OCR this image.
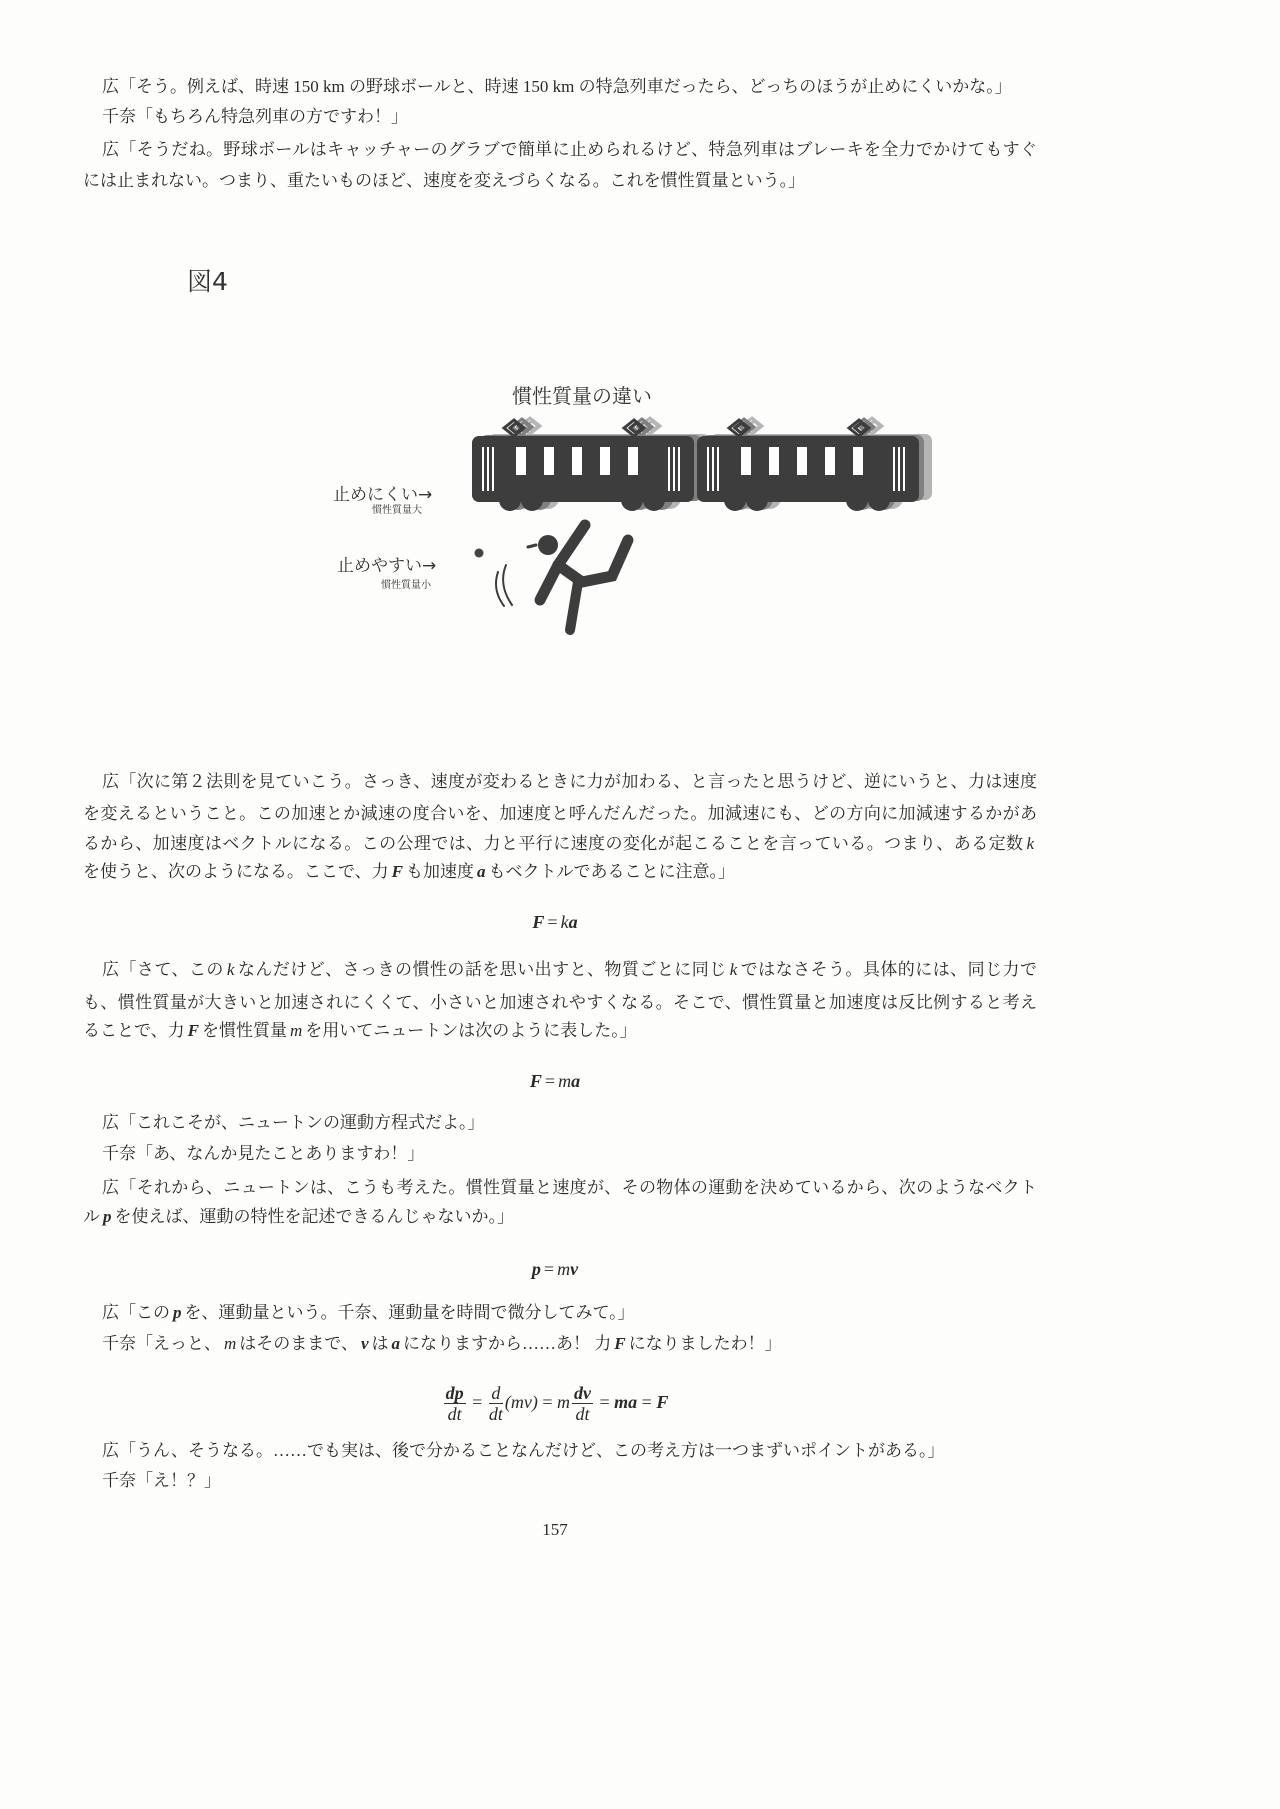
広「そう。例えば、時速 150 km の野球ボールと、時速 150 km の特急列車だったら、どっちのほうが止めにくいかな。」
千奈「もちろん特急列車の方ですわ！」
広「そうだね。野球ボールはキャッチャーのグラブで簡単に止められるけど、特急列車はブレーキを全力でかけてもすぐ
には止まれない。つまり、重たいものほど、速度を変えづらくなる。これを慣性質量という。」
図4
慣性質量の違い
止めにくい→
慣性質量大
止めやすい→
慣性質量小
広「次に第２法則を見ていこう。さっき、速度が変わるときに力が加わる、と言ったと思うけど、逆にいうと、力は速度
を変えるということ。この加速とか減速の度合いを、加速度と呼んだんだった。加減速にも、どの方向に加減速するかがあ
るから、加速度はベクトルになる。この公理では、力と平行に速度の変化が起こることを言っている。つまり、ある定数 k
を使うと、次のようになる。ここで、力 F も加速度 a もベクトルであることに注意。」
F = ka
広「さて、この k なんだけど、さっきの慣性の話を思い出すと、物質ごとに同じ k ではなさそう。具体的には、同じ力で
も、慣性質量が大きいと加速されにくくて、小さいと加速されやすくなる。そこで、慣性質量と加速度は反比例すると考え
ることで、力 F を慣性質量 m を用いてニュートンは次のように表した。」
F = ma
広「これこそが、ニュートンの運動方程式だよ。」
千奈「あ、なんか見たことありますわ！」
広「それから、ニュートンは、こうも考えた。慣性質量と速度が、その物体の運動を決めているから、次のようなベクト
ル p を使えば、運動の特性を記述できるんじゃないか。」
p = mv
広「この p を、運動量という。千奈、運動量を時間で微分してみて。」
千奈「えっと、 m はそのままで、 v は a になりますから……あ！ 力 F になりましたわ！」
$\frac{dp}{dt} = \frac{d}{dt} (mv) = m \frac{dv}{dt}$ = ma = F
広「うん、そうなる。……でも実は、後で分かることなんだけど、この考え方は一つまずいポイントがある。」
千奈「え！？」
157
